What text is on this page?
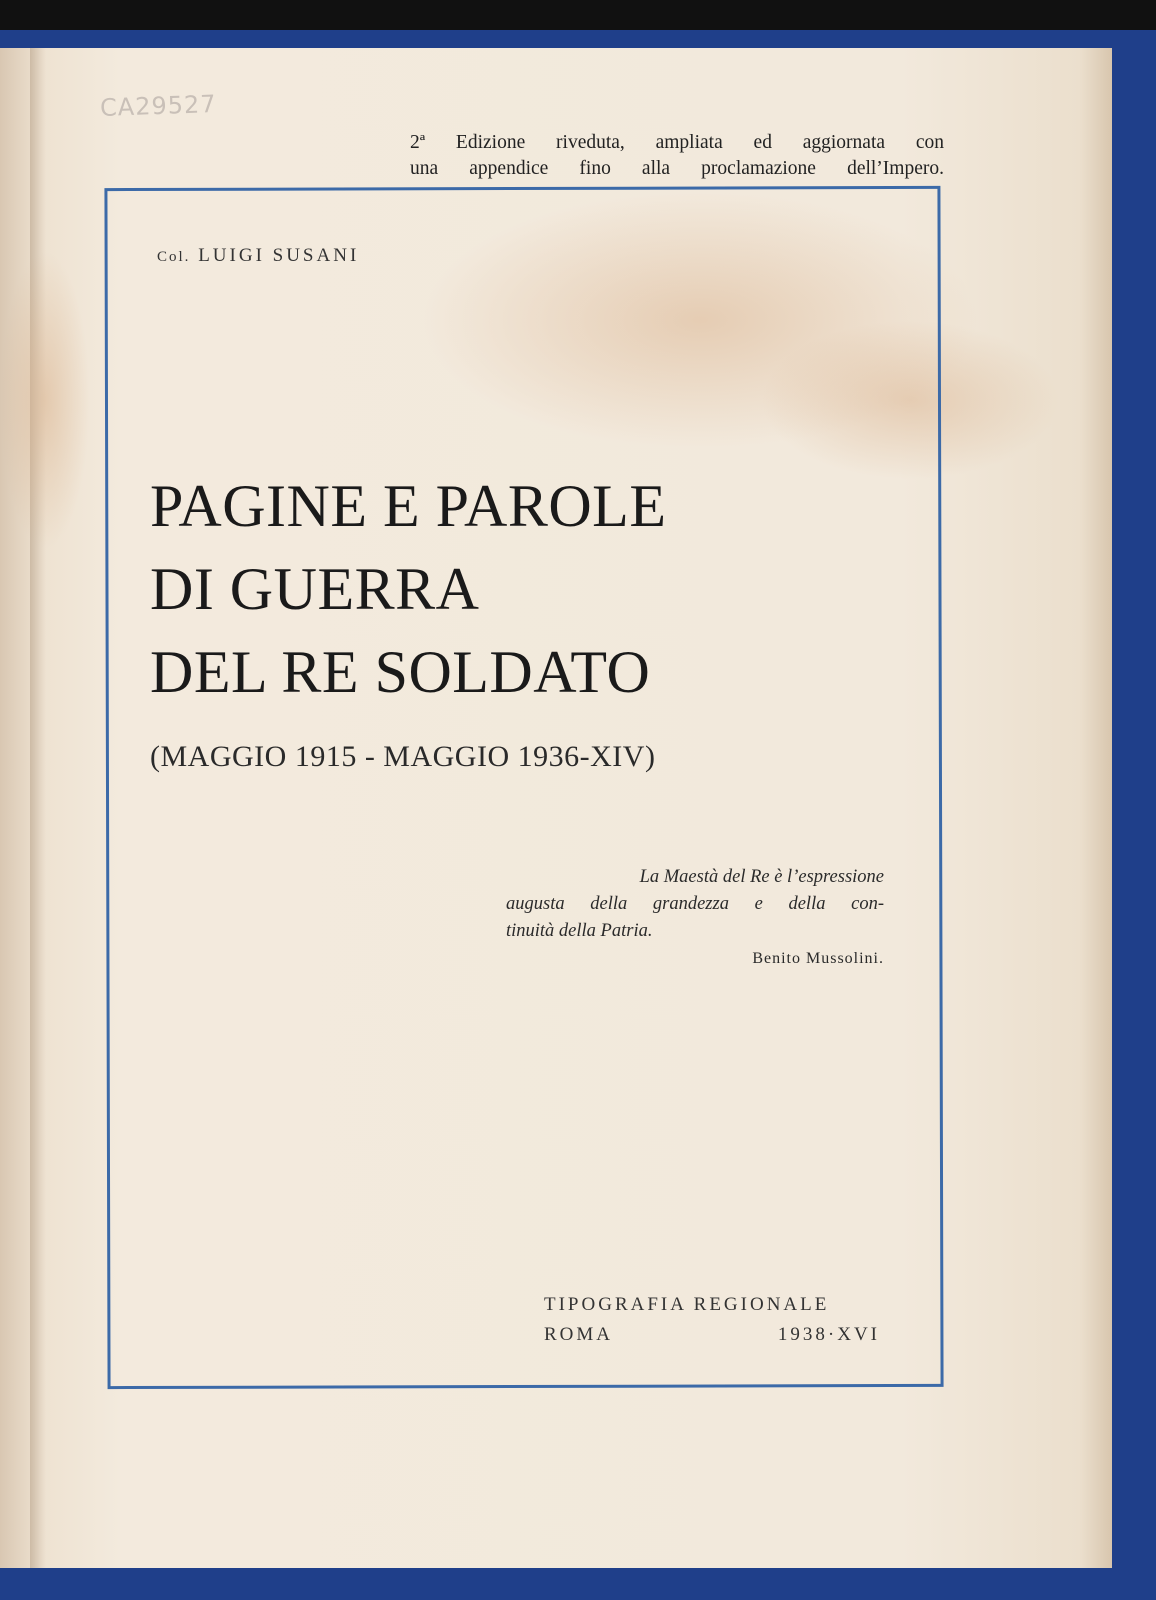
CA29527
2ª Edizione riveduta, ampliata ed aggiornata con
una appendice fino alla proclamazione dell’Impero.
Col. LUIGI SUSANI
PAGINE E PAROLE
DI GUERRA
DEL RE SOLDATO
(MAGGIO 1915 - MAGGIO 1936-XIV)
La Maestà del Re è l’espressione
augusta della grandezza e della con-
tinuità della Patria.
Benito Mussolini.
TIPOGRAFIA REGIONALE
ROMA	1938·XVI
